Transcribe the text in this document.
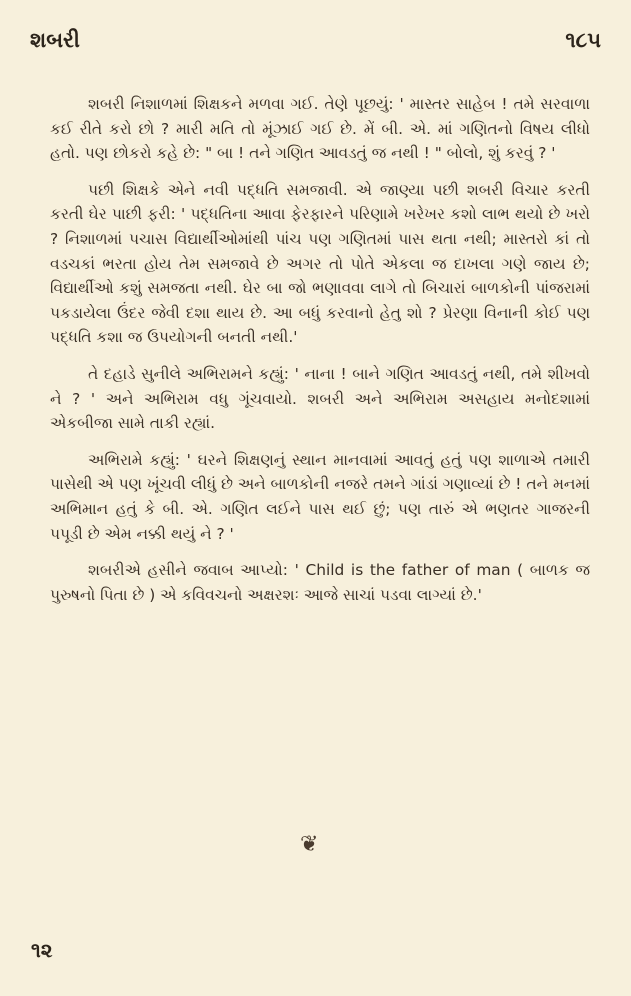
શબરી	૧૮૫

શબરી નિશાળમાં શિક્ષકને મળવા ગઈ. તેણે પૂછયું: ' માસ્તર સાહેબ ! તમે સરવાળા કઈ રીતે કરો છો ? મારી મતિ તો મૂંઝાઈ ગઈ છે. મેં બી. એ. માં ગણિતનો વિષય લીધો હતો. પણ છોકરો કહે છે: " બા ! તને ગણિત આવડતું જ નથી ! " બોલો, શું કરવું ? '

પછી શિક્ષકે એને નવી પદ્ધતિ સમજાવી. એ જાણ્યા પછી શબરી વિચાર કરતી કરતી ઘેર પાછી ફરી: ' પદ્ધતિના આવા ફેરફારને પરિણામે ખરેખર કશો લાભ થયો છે ખરો ? નિશાળમાં પચાસ વિદ્યાર્થીઓમાંથી પાંચ પણ ગણિતમાં પાસ થતા નથી; માસ્તરો કાં તો વડચકાં ભરતા હોય તેમ સમજાવે છે અગર તો પોતે એકલા જ દાખલા ગણે જાય છે; વિદ્યાર્થીઓ કશું સમજતા નથી. ઘેર બા જો ભણાવવા લાગે તો બિચારાં બાળકોની પાંજરામાં પકડાયેલા ઉંદર જેવી દશા થાય છે. આ બધું કરવાનો હેતુ શો ? પ્રેરણા વિનાની કોઈ પણ પદ્ધતિ કશા જ ઉપયોગની બનતી નથી.'

તે દહાડે સુનીલે અભિરામને કહ્યું: ' નાના ! બાને ગણિત આવડતું નથી, તમે શીખવો ને ? ' અને અભિરામ વધુ ગૂંચવાયો. શબરી અને અભિરામ અસહાય મનોદશામાં એકબીજા સામે તાકી રહ્યાં.

અભિરામે કહ્યું: ' ઘરને શિક્ષણનું સ્થાન માનવામાં આવતું હતું પણ શાળાએ તમારી પાસેથી એ પણ ખૂંચવી લીધું છે અને બાળકોની નજરે તમને ગાંડાં ગણાવ્યાં છે ! તને મનમાં અભિમાન હતું કે બી. એ. ગણિત લઈને પાસ થઈ છું; પણ તારું એ ભણતર ગાજરની પપૂડી છે એમ નક્કી થયું ને ? '

શબરીએ હસીને જવાબ આપ્યો: ' Child is the father of man ( બાળક જ પુરુષનો પિતા છે ) એ કવિવચનો અક્ષરશઃ આજે સાચાં પડવા લાગ્યાં છે.'

❦
૧૨
